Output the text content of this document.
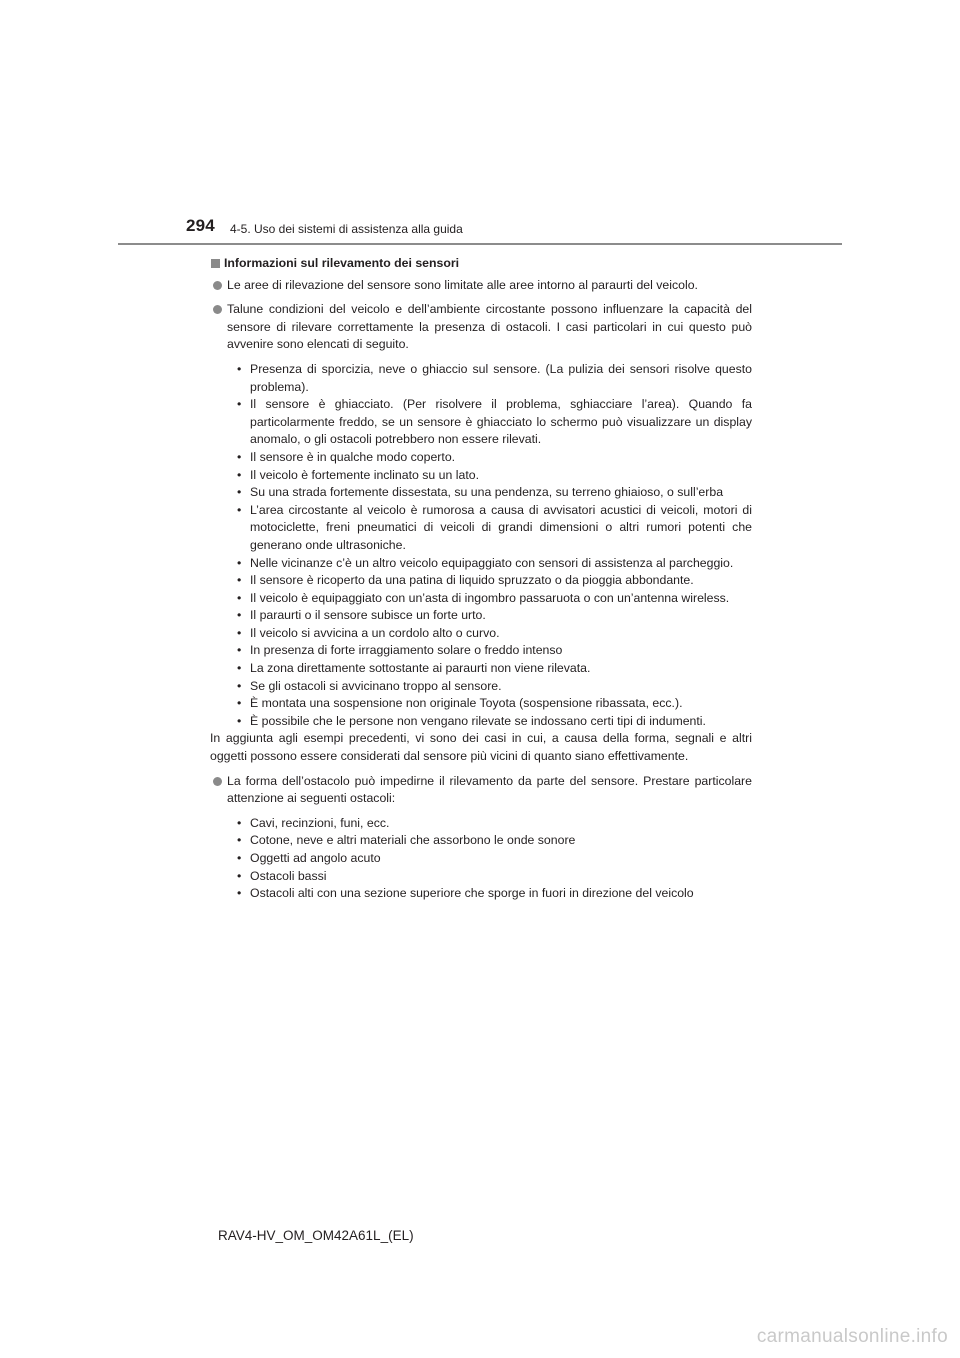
294 4-5. Uso dei sistemi di assistenza alla guida
Informazioni sul rilevamento dei sensori
Le aree di rilevazione del sensore sono limitate alle aree intorno al paraurti del veicolo.
Talune condizioni del veicolo e dell’ambiente circostante possono influenzare la capacità del sensore di rilevare correttamente la presenza di ostacoli. I casi particolari in cui questo può avvenire sono elencati di seguito.
• Presenza di sporcizia, neve o ghiaccio sul sensore. (La pulizia dei sensori risolve questo problema).
• Il sensore è ghiacciato. (Per risolvere il problema, sghiacciare l’area). Quando fa particolarmente freddo, se un sensore è ghiacciato lo schermo può visualizzare un display anomalo, o gli ostacoli potrebbero non essere rilevati.
• Il sensore è in qualche modo coperto.
• Il veicolo è fortemente inclinato su un lato.
• Su una strada fortemente dissestata, su una pendenza, su terreno ghiaioso, o sull’erba
• L’area circostante al veicolo è rumorosa a causa di avvisatori acustici di veicoli, motori di motociclette, freni pneumatici di veicoli di grandi dimensioni o altri rumori potenti che generano onde ultrasoniche.
• Nelle vicinanze c’è un altro veicolo equipaggiato con sensori di assistenza al parcheggio.
• Il sensore è ricoperto da una patina di liquido spruzzato o da pioggia abbondante.
• Il veicolo è equipaggiato con un’asta di ingombro passaruota o con un’antenna wireless.
• Il paraurti o il sensore subisce un forte urto.
• Il veicolo si avvicina a un cordolo alto o curvo.
• In presenza di forte irraggiamento solare o freddo intenso
• La zona direttamente sottostante ai paraurti non viene rilevata.
• Se gli ostacoli si avvicinano troppo al sensore.
• È montata una sospensione non originale Toyota (sospensione ribassata, ecc.).
• È possibile che le persone non vengano rilevate se indossano certi tipi di indumenti.
In aggiunta agli esempi precedenti, vi sono dei casi in cui, a causa della forma, segnali e altri oggetti possono essere considerati dal sensore più vicini di quanto siano effettivamente.
La forma dell’ostacolo può impedirne il rilevamento da parte del sensore. Prestare particolare attenzione ai seguenti ostacoli:
• Cavi, recinzioni, funi, ecc.
• Cotone, neve e altri materiali che assorbono le onde sonore
• Oggetti ad angolo acuto
• Ostacoli bassi
• Ostacoli alti con una sezione superiore che sporge in fuori in direzione del veicolo
RAV4-HV_OM_OM42A61L_(EL)
carmanualsonline.info
